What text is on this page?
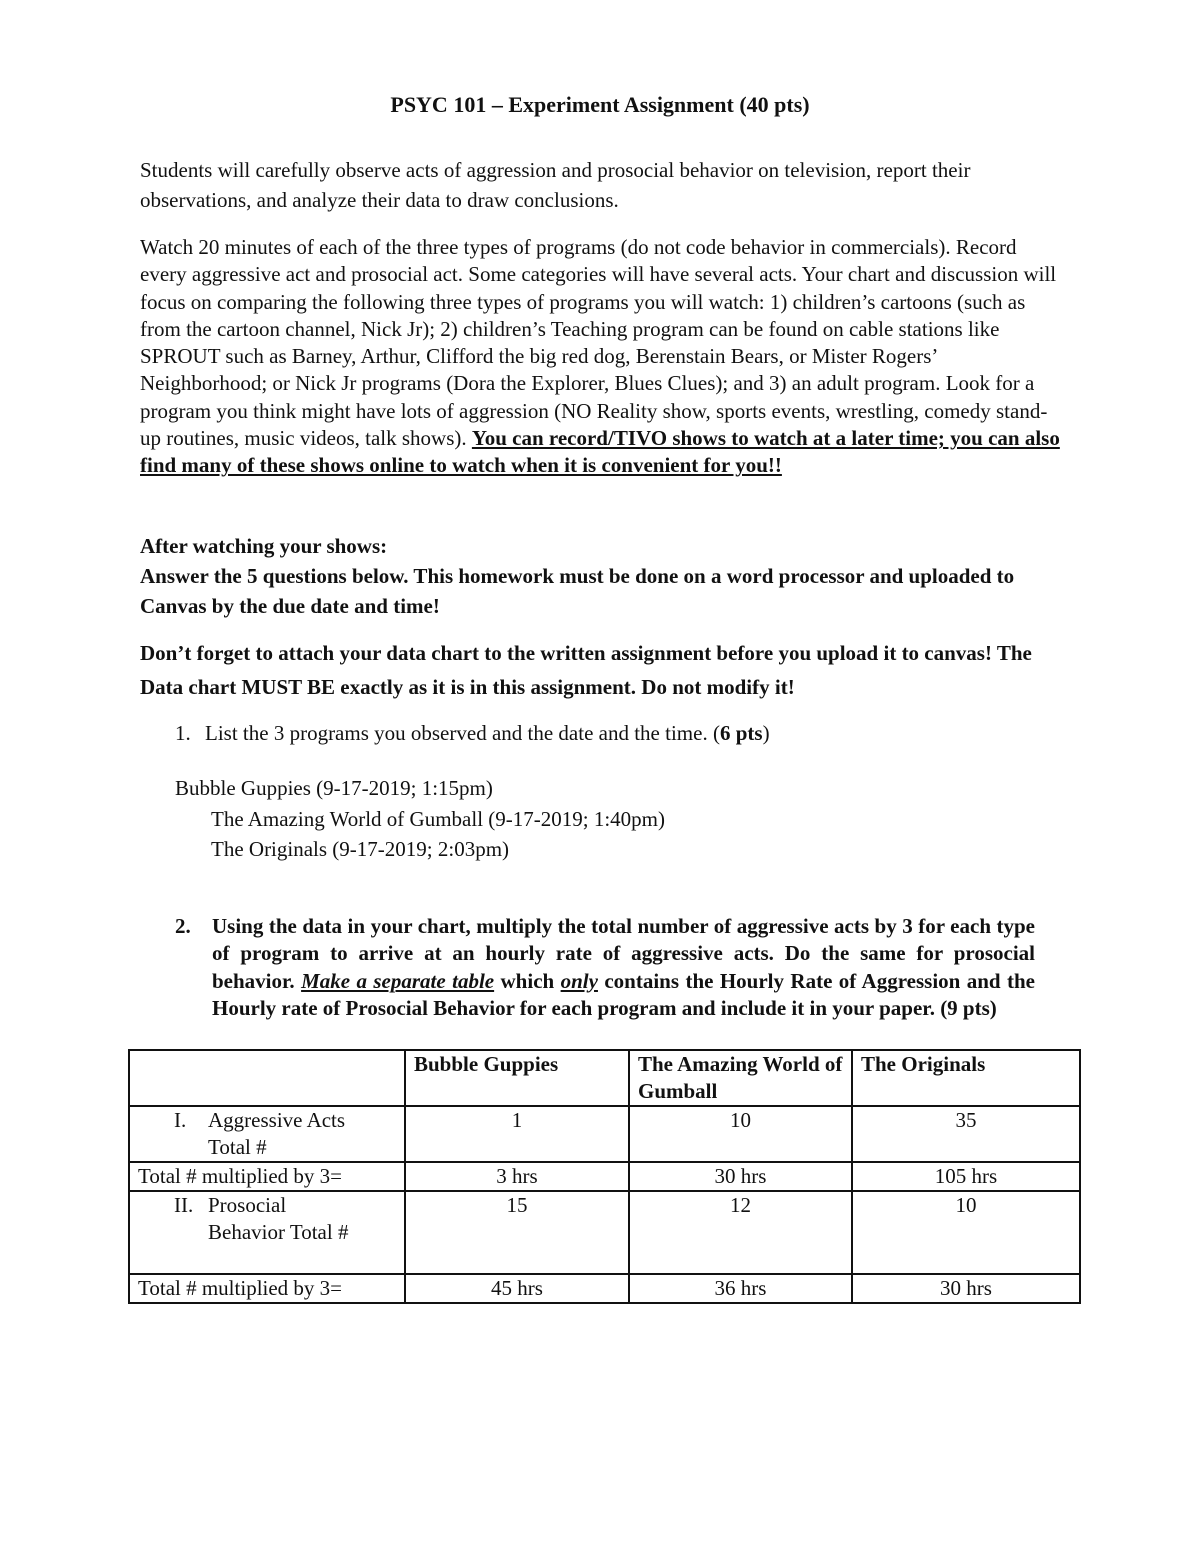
PSYC 101 – Experiment Assignment (40 pts)
Students will carefully observe acts of aggression and prosocial behavior on television, report their observations, and analyze their data to draw conclusions.
Watch 20 minutes of each of the three types of programs (do not code behavior in commercials). Record every aggressive act and prosocial act. Some categories will have several acts. Your chart and discussion will focus on comparing the following three types of programs you will watch: 1) children’s cartoons (such as from the cartoon channel, Nick Jr); 2) children’s Teaching program can be found on cable stations like SPROUT such as Barney, Arthur, Clifford the big red dog, Berenstain Bears, or Mister Rogers’ Neighborhood; or Nick Jr programs (Dora the Explorer, Blues Clues); and 3) an adult program. Look for a program you think might have lots of aggression (NO Reality show, sports events, wrestling, comedy stand-up routines, music videos, talk shows). You can record/TIVO shows to watch at a later time; you can also find many of these shows online to watch when it is convenient for you!!
After watching your shows:
Answer the 5 questions below. This homework must be done on a word processor and uploaded to Canvas by the due date and time!
Don’t forget to attach your data chart to the written assignment before you upload it to canvas! The Data chart MUST BE exactly as it is in this assignment. Do not modify it!
1. List the 3 programs you observed and the date and the time. (6 pts)
Bubble Guppies (9-17-2019; 1:15pm)
The Amazing World of Gumball (9-17-2019; 1:40pm)
The Originals (9-17-2019; 2:03pm)
2. Using the data in your chart, multiply the total number of aggressive acts by 3 for each type of program to arrive at an hourly rate of aggressive acts. Do the same for prosocial behavior. Make a separate table which only contains the Hourly Rate of Aggression and the Hourly rate of Prosocial Behavior for each program and include it in your paper. (9 pts)
	Bubble Guppies	The Amazing World of Gumball	The Originals
I. Aggressive Acts Total #	1	10	35
Total # multiplied by 3=	3 hrs	30 hrs	105 hrs
II. Prosocial Behavior Total #	15	12	10
Total # multiplied by 3=	45 hrs	36 hrs	30 hrs
